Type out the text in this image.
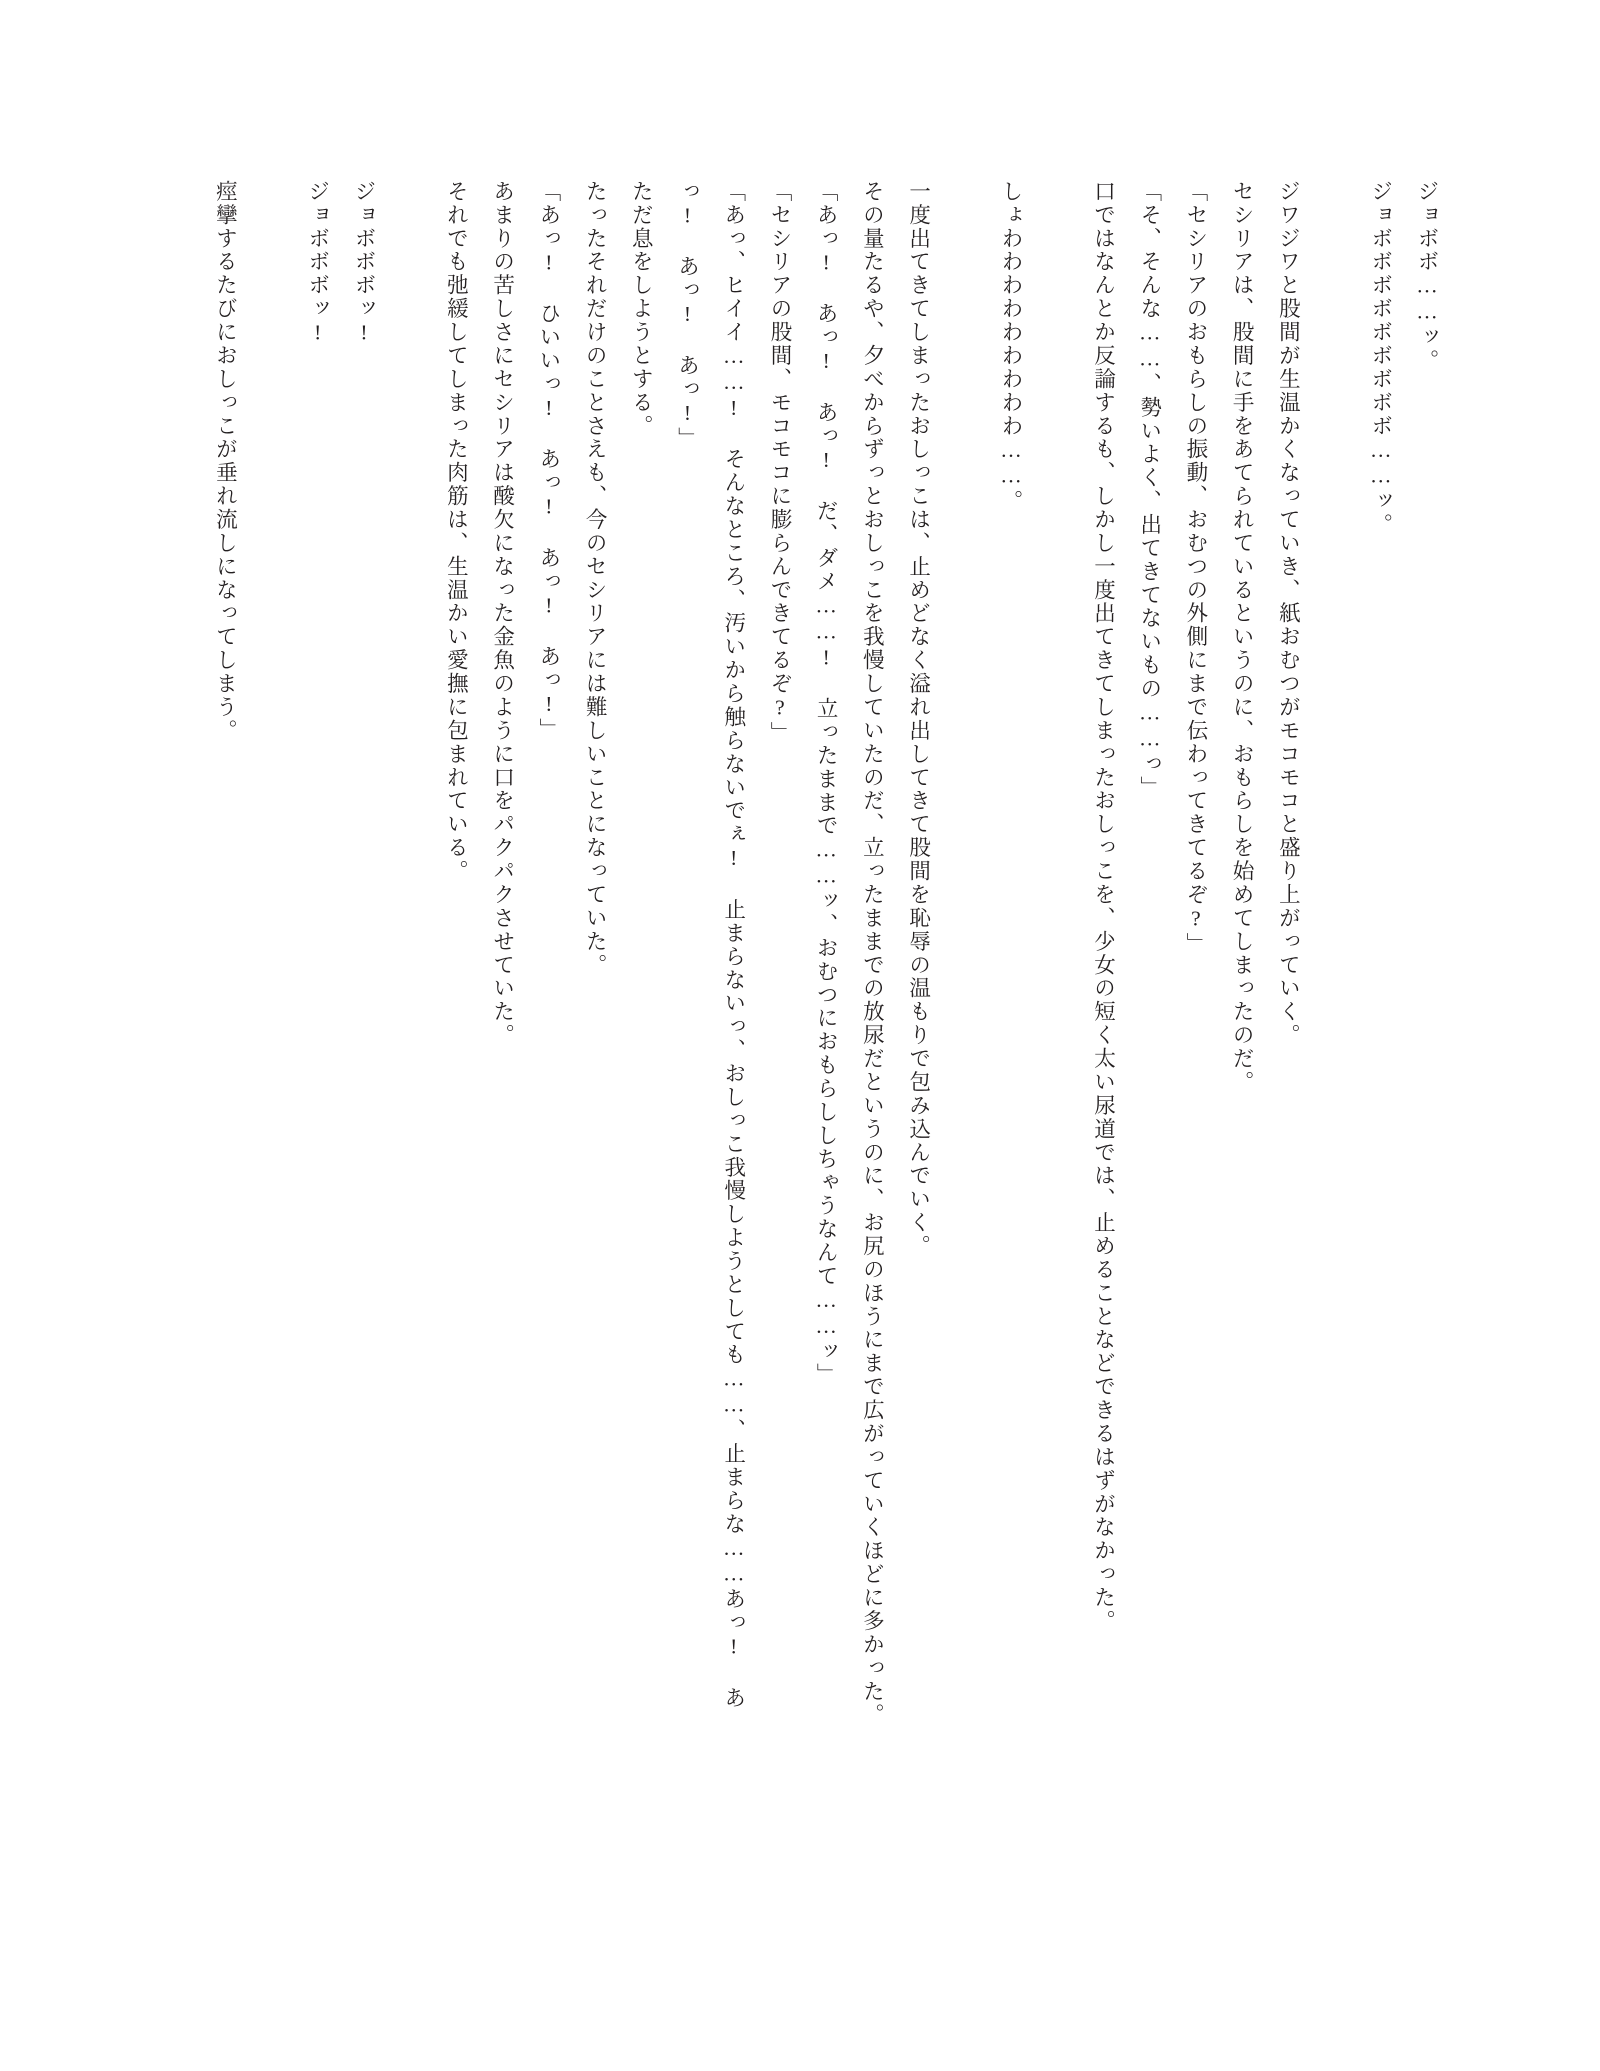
ジョボボ……ッ。

ジョボボボボボボボボボ……ッ。

ジワジワと股間が生温かくなっていき、紙おむつがモコモコと盛り上がっていく。

セシリアは、股間に手をあてられているというのに、おもらしを始めてしまったのだ。

「セシリアのおもらしの振動、おむつの外側にまで伝わってきてるぞ?」

「そ、そんな……、勢いよく、出てきてないもの……っ」

口ではなんとか反論するも、しかし一度出てきてしまったおしっこを、少女の短く太い尿道では、止めることなどできるはずがなかった。

しょわわわわわわわわわ……。

一度出てきてしまったおしっこは、止めどなく溢れ出してきて股間を恥辱の温もりで包み込んでいく。

その量たるや、夕べからずっとおしっこを我慢していたのだ、立ったままでの放尿だというのに、お尻のほうにまで広がっていくほどに多かった。

「あっ! あっ! あっ! だ、ダメ……! 立ったままで……ッ、おむつにおもらししちゃうなんて……ッ」

「セシリアの股間、モコモコに膨らんできてるぞ?」

「あっ、ヒイイ……! そんなところ、汚いから触らないでぇ! 止まらないっ、おしっこ我慢しようとしても……、止まらな……あっ! あっ! あっ! あっ!」

ただ息をしようとする。

たったそれだけのことさえも、今のセシリアには難しいことになっていた。

「あっ! ひいいっ! あっ! あっ! あっ!」

あまりの苦しさにセシリアは酸欠になった金魚のように口をパクパクさせていた。

それでも弛緩してしまった肉筋は、生温かい愛撫に包まれている。

ジョボボボッ!

ジョボボボッ!

痙攣するたびにおしっこが垂れ流しになってしまう。
